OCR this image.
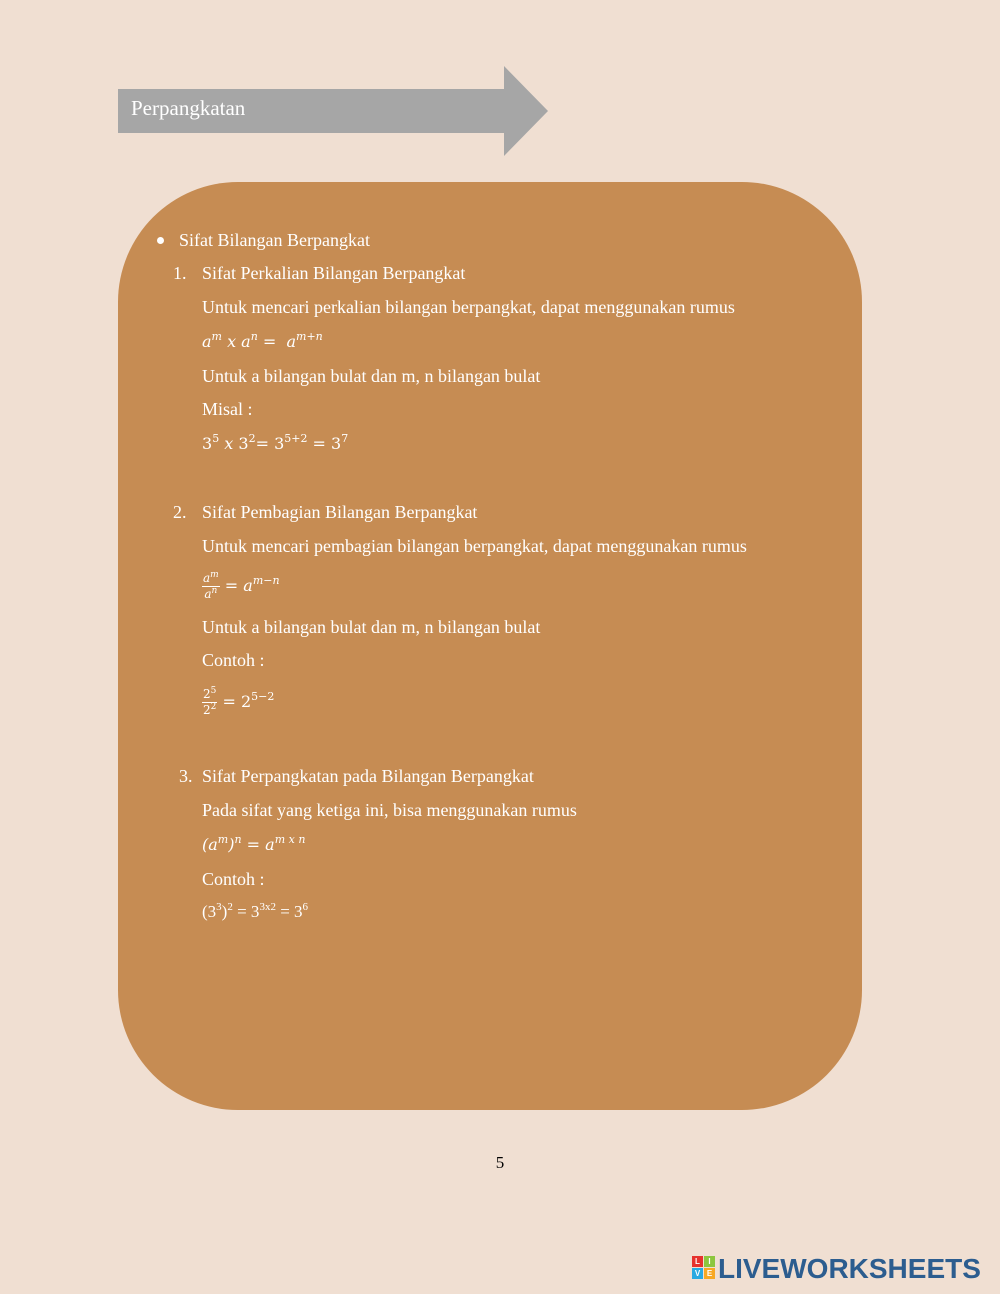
Perpangkatan
Sifat Bilangan Berpangkat
1. Sifat Perkalian Bilangan Berpangkat
Untuk mencari perkalian bilangan berpangkat, dapat menggunakan rumus
$a^m$ x $a^n = a^{m+n}$
Untuk a bilangan bulat dan m, n bilangan bulat
Misal :
$3^5$ x $3^2= 3^{5+2} = 3^7$
2. Sifat Pembagian Bilangan Berpangkat
Untuk mencari pembagian bilangan berpangkat, dapat menggunakan rumus
$\frac{a^m}{a^n} = a^{m-n}$
Untuk a bilangan bulat dan m, n bilangan bulat
Contoh :
$\frac{2^5}{2^2} = 2^{5-2}$
3. Sifat Perpangkatan pada Bilangan Berpangkat
Pada sifat yang ketiga ini, bisa menggunakan rumus
$(a^m)^n = a^{m x n}$
Contoh :
$(3^3)^2 = 3^{3x2} = 3^6$
5
L	I
V E LIVEWORKSHEETS
